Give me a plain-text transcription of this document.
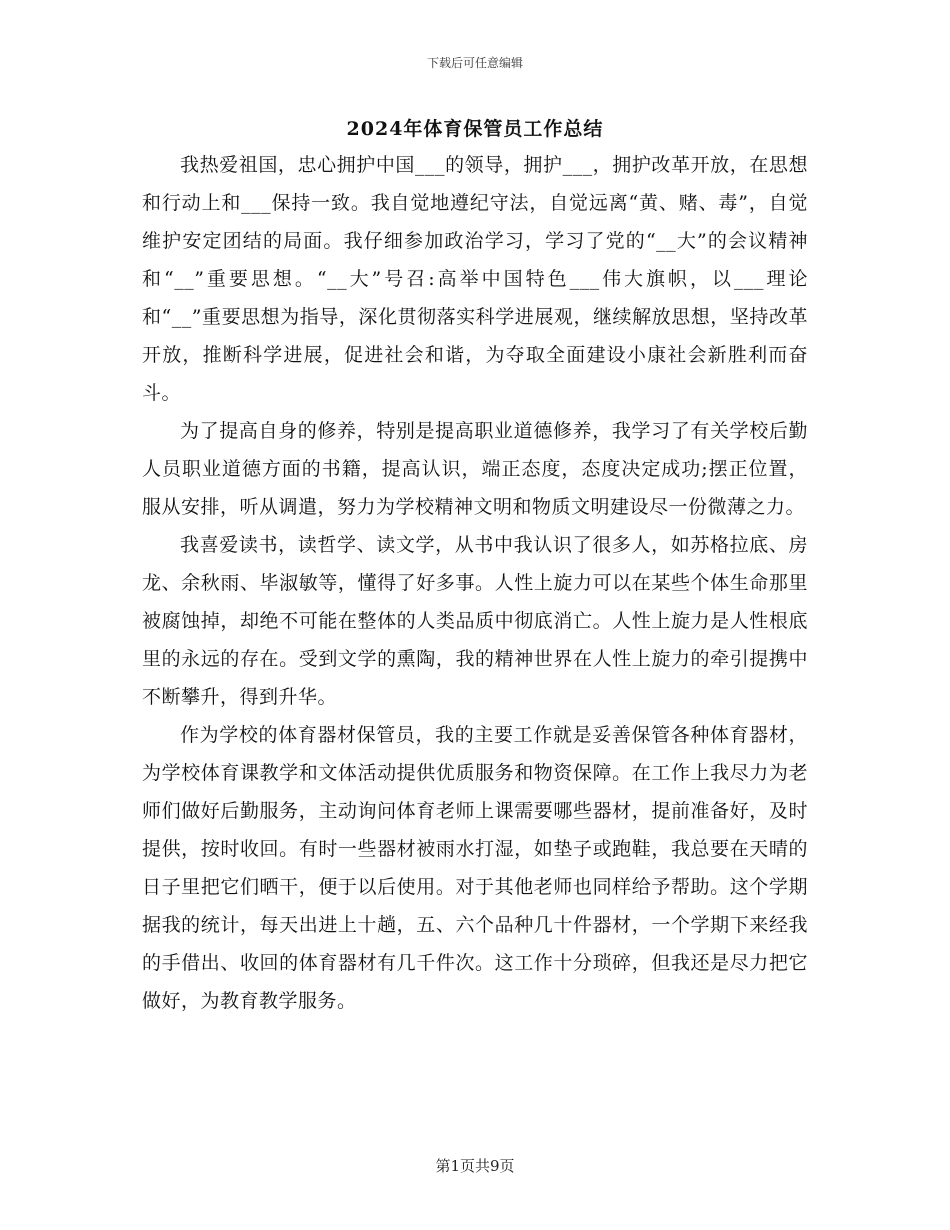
下载后可任意编辑
2024年体育保管员工作总结

我热爱祖国，忠心拥护中国___的领导，拥护___，拥护改革开放，在思想和行动上和___保持一致。我自觉地遵纪守法，自觉远离“黄、赌、毒”，自觉维护安定团结的局面。我仔细参加政治学习，学习了党的“__大”的会议精神和“__”重要思想。“__大”号召:高举中国特色___伟大旗帜，以___理论和“__”重要思想为指导，深化贯彻落实科学进展观，继续解放思想，坚持改革开放，推断科学进展，促进社会和谐，为夺取全面建设小康社会新胜利而奋斗。

为了提高自身的修养，特别是提高职业道德修养，我学习了有关学校后勤人员职业道德方面的书籍，提高认识，端正态度，态度决定成功;摆正位置，服从安排，听从调遣，努力为学校精神文明和物质文明建设尽一份微薄之力。

我喜爱读书，读哲学、读文学，从书中我认识了很多人，如苏格拉底、房龙、余秋雨、毕淑敏等，懂得了好多事。人性上旋力可以在某些个体生命那里被腐蚀掉，却绝不可能在整体的人类品质中彻底消亡。人性上旋力是人性根底里的永远的存在。受到文学的熏陶，我的精神世界在人性上旋力的牵引提携中不断攀升，得到升华。

作为学校的体育器材保管员，我的主要工作就是妥善保管各种体育器材，为学校体育课教学和文体活动提供优质服务和物资保障。在工作上我尽力为老师们做好后勤服务，主动询问体育老师上课需要哪些器材，提前准备好，及时提供，按时收回。有时一些器材被雨水打湿，如垫子或跑鞋，我总要在天晴的日子里把它们晒干，便于以后使用。对于其他老师也同样给予帮助。这个学期据我的统计，每天出进上十趟，五、六个品种几十件器材，一个学期下来经我的手借出、收回的体育器材有几千件次。这工作十分琐碎，但我还是尽力把它做好，为教育教学服务。

第1页共9页
